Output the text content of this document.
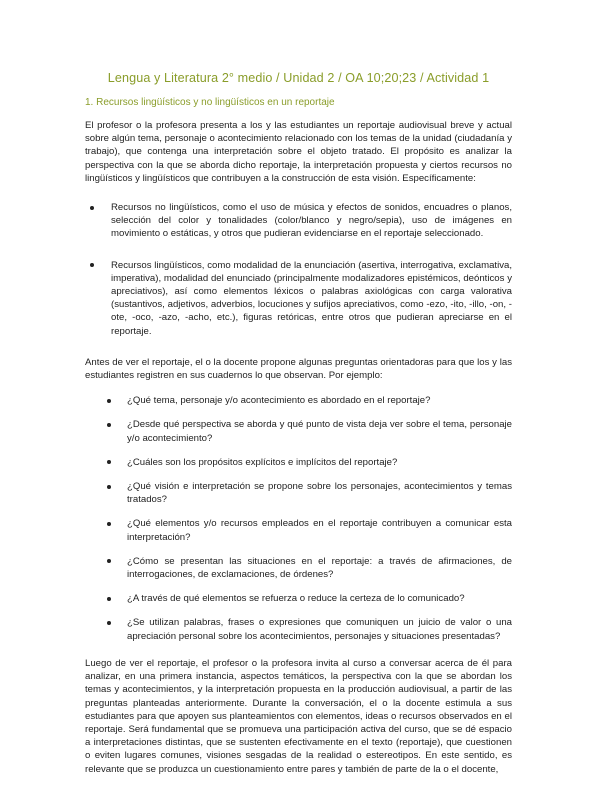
Lengua y Literatura 2° medio / Unidad 2 / OA 10;20;23 / Actividad 1
1. Recursos lingüísticos y no lingüísticos en un reportaje

El profesor o la profesora presenta a los y las estudiantes un reportaje audiovisual breve y actual sobre algún tema, personaje o acontecimiento relacionado con los temas de la unidad (ciudadanía y trabajo), que contenga una interpretación sobre el objeto tratado. El propósito es analizar la perspectiva con la que se aborda dicho reportaje, la interpretación propuesta y ciertos recursos no lingüísticos y lingüísticos que contribuyen a la construcción de esta visión. Específicamente:

Recursos no lingüísticos, como el uso de música y efectos de sonidos, encuadres o planos, selección del color y tonalidades (color/blanco y negro/sepia), uso de imágenes en movimiento o estáticas, y otros que pudieran evidenciarse en el reportaje seleccionado.
Recursos lingüísticos, como modalidad de la enunciación (asertiva, interrogativa, exclamativa, imperativa), modalidad del enunciado (principalmente modalizadores epistémicos, deónticos y apreciativos), así como elementos léxicos o palabras axiológicas con carga valorativa (sustantivos, adjetivos, adverbios, locuciones y sufijos apreciativos, como -ezo, -ito, -illo, -on, -ote, -oco, -azo, -acho, etc.), figuras retóricas, entre otros que pudieran apreciarse en el reportaje.

Antes de ver el reportaje, el o la docente propone algunas preguntas orientadoras para que los y las estudiantes registren en sus cuadernos lo que observan. Por ejemplo:

¿Qué tema, personaje y/o acontecimiento es abordado en el reportaje?
¿Desde qué perspectiva se aborda y qué punto de vista deja ver sobre el tema, personaje y/o acontecimiento?
¿Cuáles son los propósitos explícitos e implícitos del reportaje?
¿Qué visión e interpretación se propone sobre los personajes, acontecimientos y temas tratados?
¿Qué elementos y/o recursos empleados en el reportaje contribuyen a comunicar esta interpretación?
¿Cómo se presentan las situaciones en el reportaje: a través de afirmaciones, de interrogaciones, de exclamaciones, de órdenes?
¿A través de qué elementos se refuerza o reduce la certeza de lo comunicado?
¿Se utilizan palabras, frases o expresiones que comuniquen un juicio de valor o una apreciación personal sobre los acontecimientos, personajes y situaciones presentadas?

Luego de ver el reportaje, el profesor o la profesora invita al curso a conversar acerca de él para analizar, en una primera instancia, aspectos temáticos, la perspectiva con la que se abordan los temas y acontecimientos, y la interpretación propuesta en la producción audiovisual, a partir de las preguntas planteadas anteriormente. Durante la conversación, el o la docente estimula a sus estudiantes para que apoyen sus planteamientos con elementos, ideas o recursos observados en el reportaje. Será fundamental que se promueva una participación activa del curso, que se dé espacio a interpretaciones distintas, que se sustenten efectivamente en el texto (reportaje), que cuestionen o eviten lugares comunes, visiones sesgadas de la realidad o estereotipos. En este sentido, es relevante que se produzca un cuestionamiento entre pares y también de parte de la o el docente,
